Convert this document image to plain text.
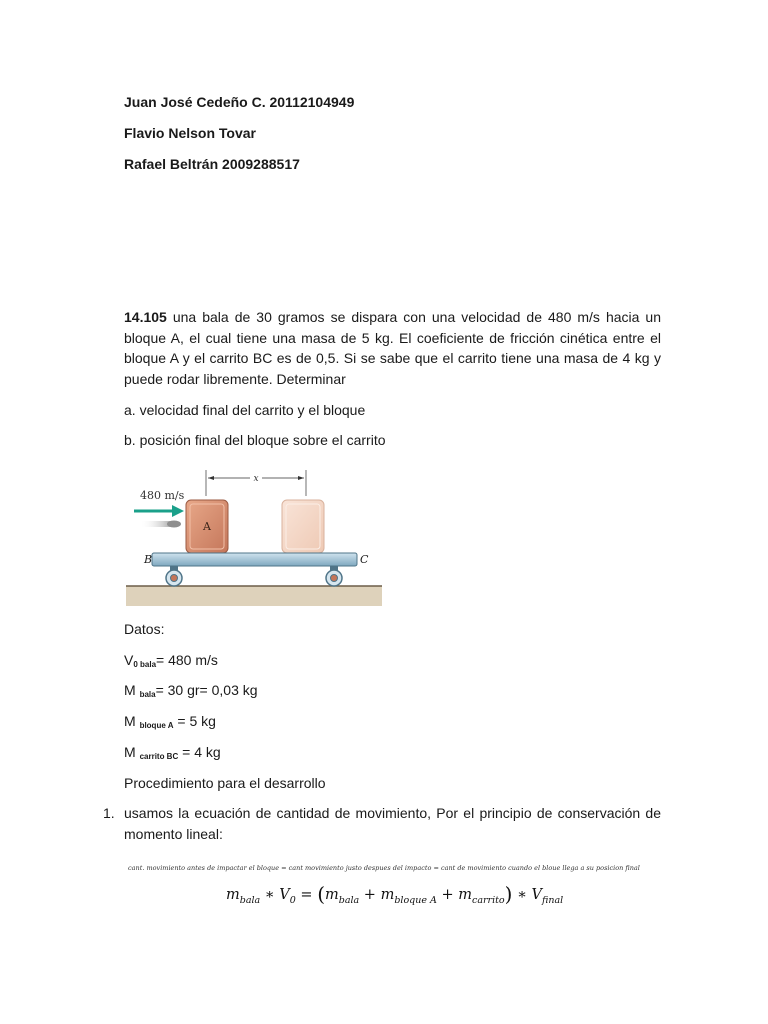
Juan José Cedeño C. 20112104949
Flavio Nelson Tovar
Rafael Beltrán 2009288517
14.105 una bala de 30 gramos se dispara con una velocidad de 480 m/s hacia un bloque A, el cual tiene una masa de 5 kg. El coeficiente de fricción cinética entre el bloque A y el carrito BC es de 0,5. Si se sabe que el carrito tiene una masa de 4 kg y puede rodar libremente. Determinar
a. velocidad final del carrito y el bloque
b. posición final del bloque sobre el carrito
x
480 m/s
A
B	C
Datos:
V0 bala= 480 m/s
M bala= 30 gr= 0,03 kg
M bloque A = 5 kg
M carrito BC = 4 kg
Procedimiento para el desarrollo
1. usamos la ecuación de cantidad de movimiento, Por el principio de conservación de momento lineal:
cant. movimiento antes de impactar el bloque = cant movimiento justo despues del impacto = cant de movimiento cuando el bloue llega a su posicion final
$m_{bala}$ ∗ $V_0 = (m_{bala} + m_{bloque A} + m_{carrito})$ ∗ $V_{final}$
